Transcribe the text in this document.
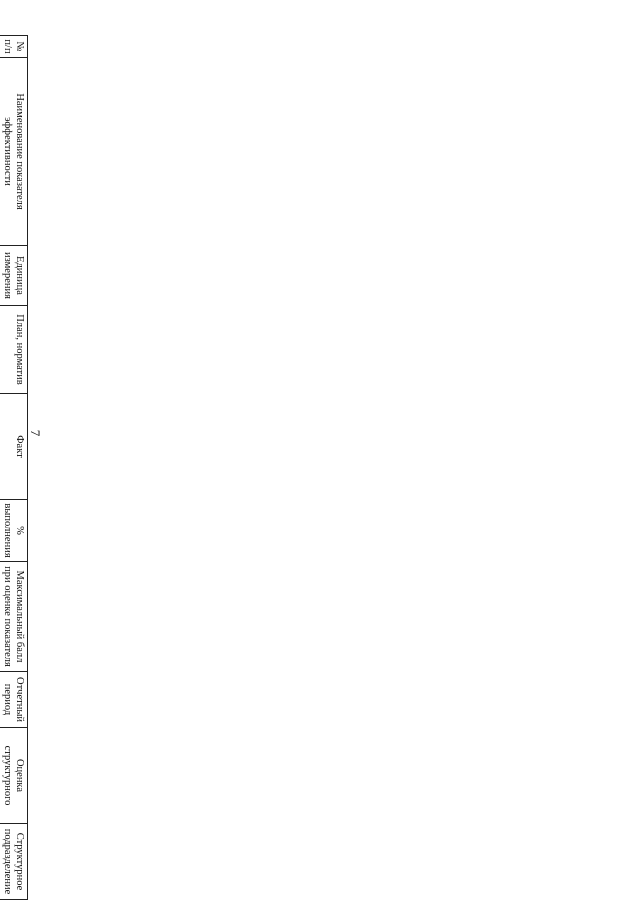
7
№ п/п	Наименование показателя эффективности	Единица измерения	План, норматив	Факт	% выполнения	Максимальный балл при оценке показателя	Отчетный период	Оценка структурного	Структурное подразделение
